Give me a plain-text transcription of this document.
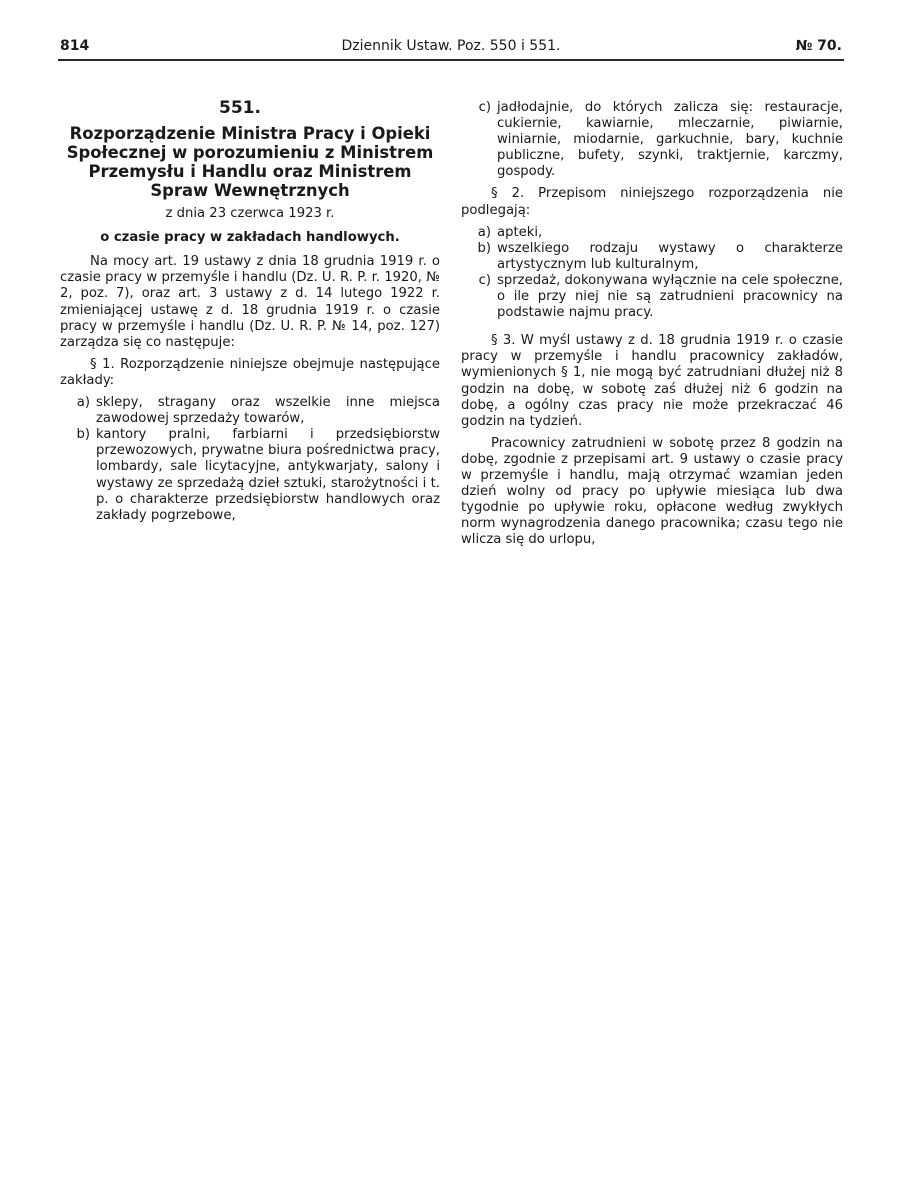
814	Dziennik Ustaw. Poz. 550 i 551.	№ 70.
551.
Rozporządzenie Ministra Pracy i Opieki Społecznej w porozumieniu z Ministrem Przemysłu i Handlu oraz Ministrem Spraw Wewnętrznych
z dnia 23 czerwca 1923 r.
o czasie pracy w zakładach handlowych.

Na mocy art. 19 ustawy z dnia 18 grudnia 1919 r. o czasie pracy w przemyśle i handlu (Dz. U. R. P. r. 1920, № 2, poz. 7), oraz art. 3 ustawy z d. 14 lutego 1922 r. zmieniającej ustawę z d. 18 grudnia 1919 r. o czasie pracy w przemyśle i handlu (Dz. U. R. P. № 14, poz. 127) zarządza się co następuje:

§ 1. Rozporządzenie niniejsze obejmuje następujące zakłady:

a) sklepy, stragany oraz wszelkie inne miejsca zawodowej sprzedaży towarów,
b) kantory pralni, farbiarni i przedsiębiorstw przewozowych, prywatne biura pośrednictwa pracy, lombardy, sale licytacyjne, antykwarjaty, salony i wystawy ze sprzedażą dzieł sztuki, starożytności i t. p. o charakterze przedsiębiorstw handlowych oraz zakłady pogrzebowe,
c) jadłodajnie, do których zalicza się: restauracje, cukiernie, kawiarnie, mleczarnie, piwiarnie, winiarnie, miodarnie, garkuchnie, bary, kuchnie publiczne, bufety, szynki, traktjernie, karczmy, gospody.

§ 2. Przepisom niniejszego rozporządzenia nie podlegają:

a) apteki,
b) wszelkiego rodzaju wystawy o charakterze artystycznym lub kulturalnym,
c) sprzedaż, dokonywana wyłącznie na cele społeczne, o ile przy niej nie są zatrudnieni pracownicy na podstawie najmu pracy.

§ 3. W myśl ustawy z d. 18 grudnia 1919 r. o czasie pracy w przemyśle i handlu pracownicy zakładów, wymienionych § 1, nie mogą być zatrudniani dłużej niż 8 godzin na dobę, w sobotę zaś dłużej niż 6 godzin na dobę, a ogólny czas pracy nie może przekraczać 46 godzin na tydzień.

Pracownicy zatrudnieni w sobotę przez 8 godzin na dobę, zgodnie z przepisami art. 9 ustawy o czasie pracy w przemyśle i handlu, mają otrzymać wzamian jeden dzień wolny od pracy po upływie miesiąca lub dwa tygodnie po upływie roku, opłacone według zwykłych norm wynagrodzenia danego pracownika; czasu tego nie wlicza się do urlopu,
